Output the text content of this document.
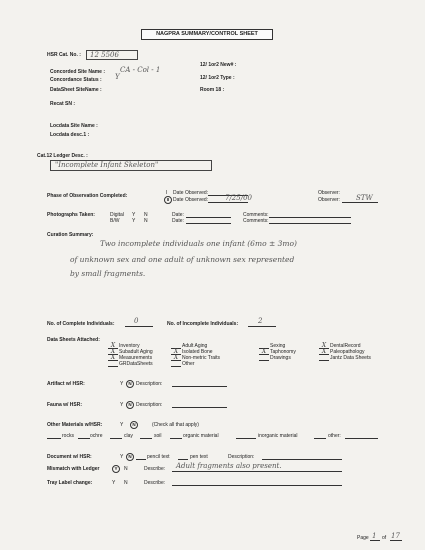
NAGPRA SUMMARY/CONTROL SHEET
HSR Cat. No. : 12 5506
Concorded Site Name : CA - Col - 1
Concordance Status : Y
DataSheet SiteName :
12/ 1or2 New# :
12/ 1or2 Type :
Room 18 :
Recat SN :
Locdata Site Name :
Locdata desc.1 :
Cat.12 Ledger Desc. :
"Incomplete Infant Skeleton"
Phase of Observation Completed:	I Date Observed:
II Date Observed: 7/25/00
Observer:
Observer: STW
Photographs Taken:	Digital Y N
B/W	Y N
Date:
Date:
Comments:
Comments:
Curation Summary:
Two incomplete individuals one infant (6mo ± 3mo)
of unknown sex and one adult of unknown sex represented
by small fragments.
No. of Complete Individuals:	0	No. of Incomplete Individuals:	2
Data Sheets Attached:
X Inventory
X Subadult Aging
X Measurements
GRDataSheets
Adult Aging
X Isolated Bone
X Non-metric Traits
Other
Sexing
X Taphonomy
Drawings
X DentalRecord
X Paleopathology
Jantz Data Sheets
Artifact w/ HSR:	Y	N Description:
Fauna w/ HSR:	Y	N Description:
Other Materials w/HSR:	Y	N	(Check all that apply)
rocks	ochre	clay	soil	organic material	inorganic material	other:
Document w/ HSR:	Y	N	pencil text	pen text	Description:
Mismatch with Ledger	Y	N	Describe: Adult fragments also present.
Tray Label change:	Y N	Describe:
Page 1 of 17
